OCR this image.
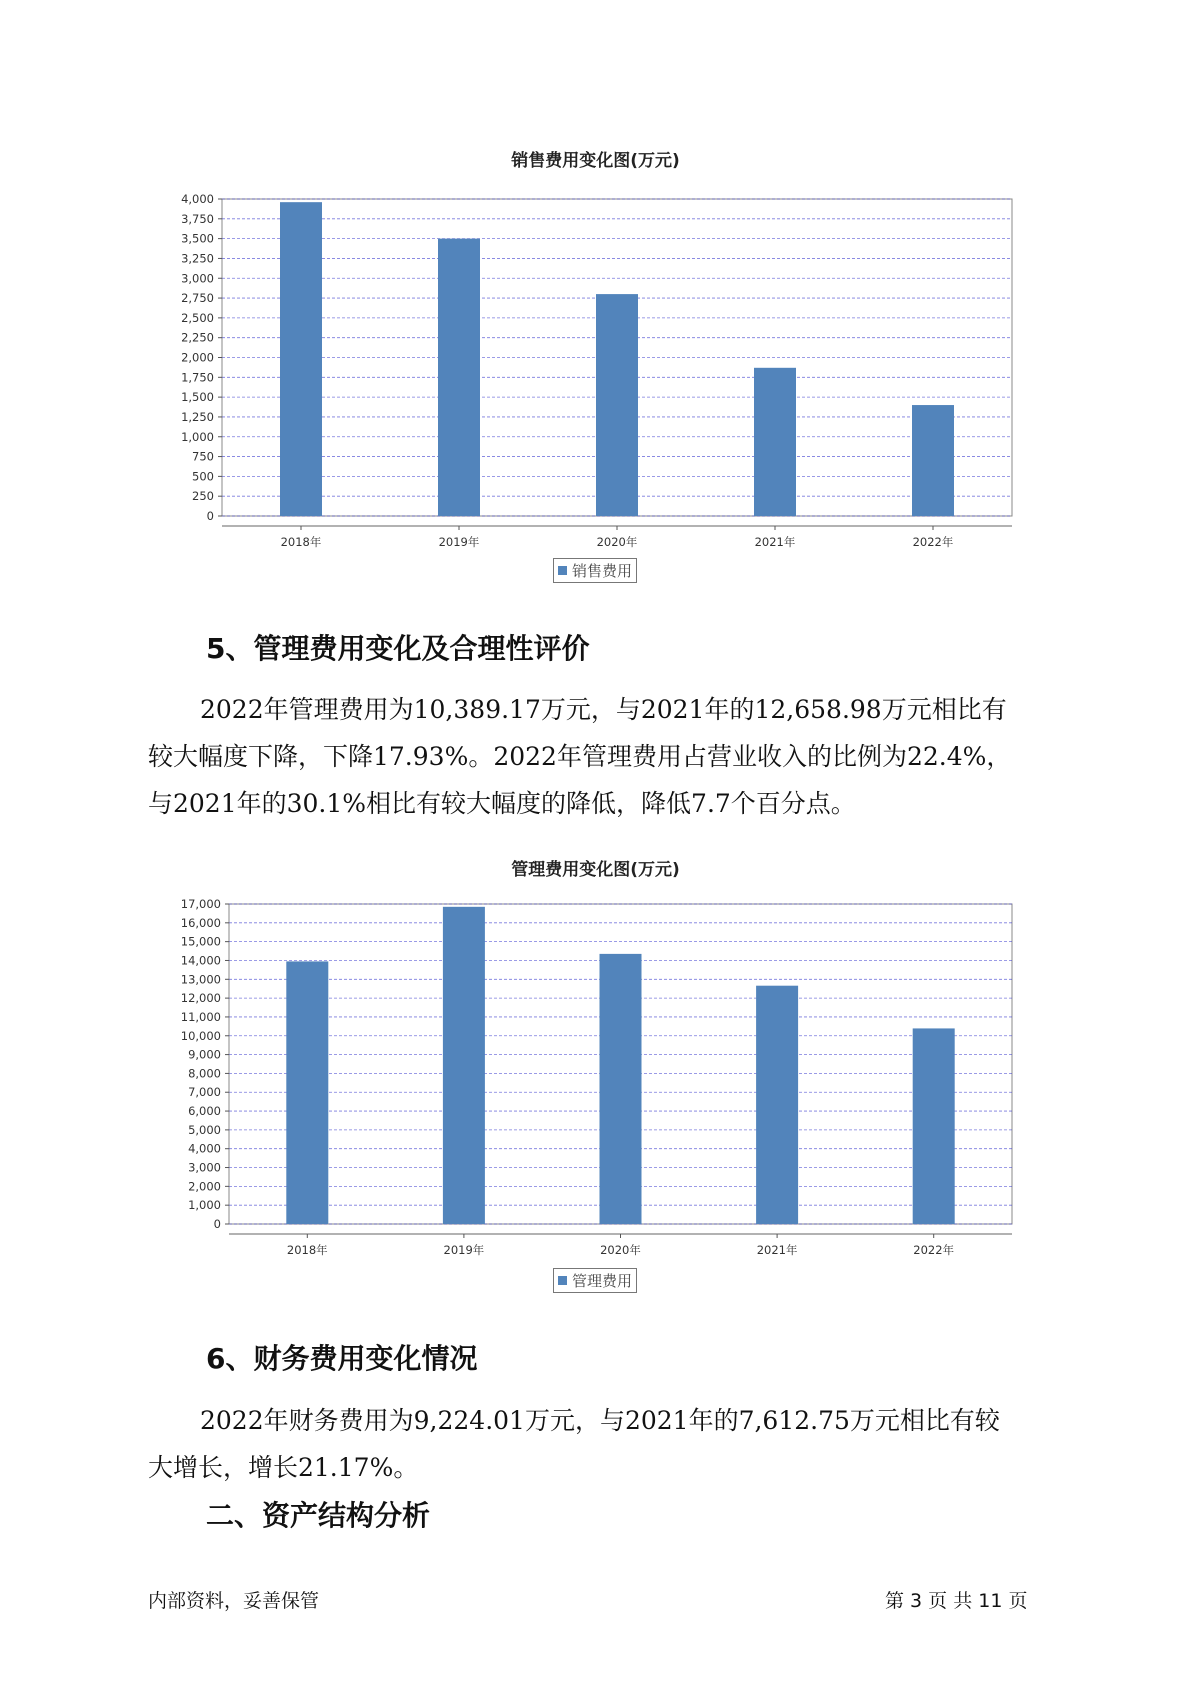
销售费用变化图(万元)
0
250
500
750
1,000
1,250
1,500
1,750
2,000
2,250
2,500
2,750
3,000
3,250
3,500
3,750
4,000
2018年	2019年	2020年	2021年	2022年
销售费用
5、管理费用变化及合理性评价

2022年管理费用为10,389.17万元，与2021年的12,658.98万元相比有
较大幅度下降，下降17.93%。2022年管理费用占营业收入的比例为22.4%，
与2021年的30.1%相比有较大幅度的降低，降低7.7个百分点。

管理费用变化图(万元)
0
1,000
2,000
3,000
4,000
5,000
6,000
7,000
8,000
9,000
10,000
11,000
12,000
13,000
14,000
15,000
16,000
17,000
2018年	2019年	2020年	2021年	2022年
管理费用
6、财务费用变化情况

2022年财务费用为9,224.01万元，与2021年的7,612.75万元相比有较
大增长，增长21.17%。

二、资产结构分析
内部资料，妥善保管	第 3 页 共 11 页
